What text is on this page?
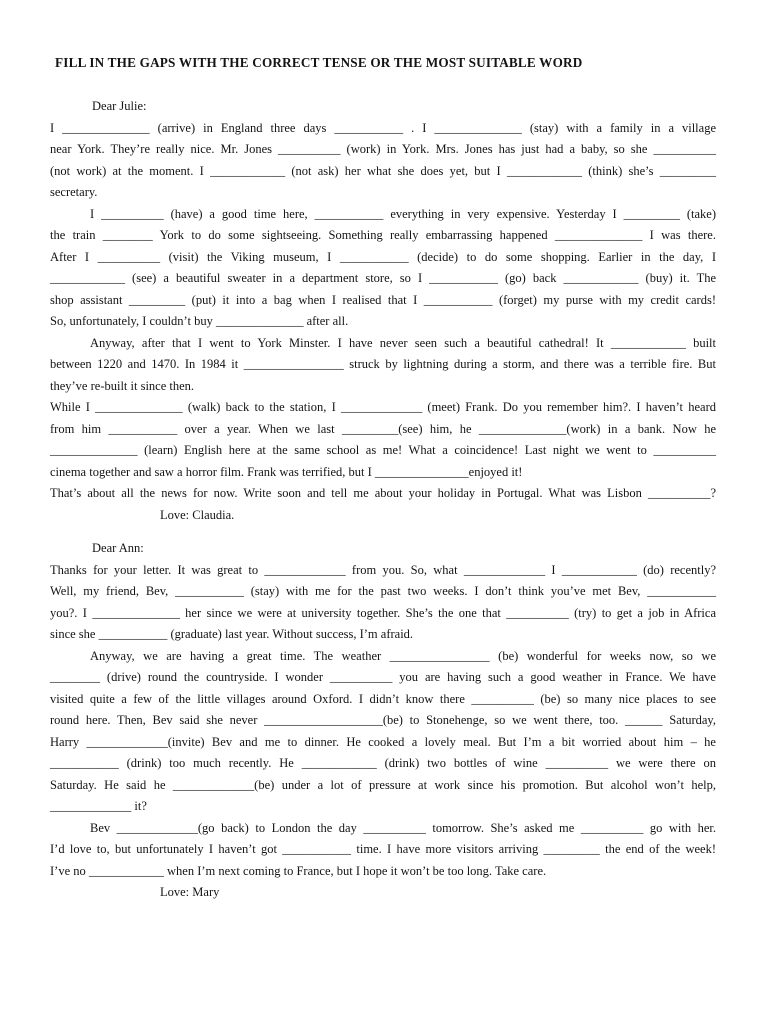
FILL IN THE GAPS WITH THE CORRECT TENSE OR THE MOST SUITABLE WORD
Dear Julie:
I ______________ (arrive) in England three days ___________ . I ______________ (stay) with a family in a village
near York. They’re really nice. Mr. Jones __________ (work) in York. Mrs. Jones has just had a baby, so she __________
(not work) at the moment. I ____________ (not ask) her what she does yet, but I ____________ (think) she’s _________
secretary.
I __________ (have) a good time here, ___________ everything in very expensive. Yesterday I _________ (take)
the train ________ York to do some sightseeing. Something really embarrassing happened ______________ I was there.
After I __________ (visit) the Viking museum, I ___________ (decide) to do some shopping. Earlier in the day, I
____________ (see) a beautiful sweater in a department store, so I ___________ (go) back ____________ (buy) it. The
shop assistant _________ (put) it into a bag when I realised that I ___________ (forget) my purse with my credit cards!
So, unfortunately, I couldn’t buy ______________ after all.
Anyway, after that I went to York Minster. I have never seen such a beautiful cathedral! It ____________ built
between 1220 and 1470. In 1984 it ________________ struck by lightning during a storm, and there was a terrible fire. But
they’ve re-built it since then.
While I ______________ (walk) back to the station, I _____________ (meet) Frank. Do you remember him?. I haven’t heard
from him ___________ over a year. When we last _________(see) him, he ______________(work) in a bank. Now he
______________ (learn) English here at the same school as me! What a coincidence! Last night we went to __________
cinema together and saw a horror film. Frank was terrified, but I _______________enjoyed it!
That’s about all the news for now. Write soon and tell me about your holiday in Portugal. What was Lisbon __________?
Love: Claudia.
Dear Ann:
Thanks for your letter. It was great to _____________ from you. So, what _____________ I ____________ (do) recently?
Well, my friend, Bev, ___________ (stay) with me for the past two weeks. I don’t think you’ve met Bev, ___________
you?. I ______________ her since we were at university together. She’s the one that __________ (try) to get a job in Africa
since she ___________ (graduate) last year. Without success, I’m afraid.
Anyway, we are having a great time. The weather ________________ (be) wonderful for weeks now, so we
________ (drive) round the countryside. I wonder __________ you are having such a good weather in France. We have
visited quite a few of the little villages around Oxford. I didn’t know there __________ (be) so many nice places to see
round here. Then, Bev said she never ___________________(be) to Stonehenge, so we went there, too. ______ Saturday,
Harry _____________(invite) Bev and me to dinner. He cooked a lovely meal. But I’m a bit worried about him – he
___________ (drink) too much recently. He ____________ (drink) two bottles of wine __________ we were there on
Saturday. He said he _____________(be) under a lot of pressure at work since his promotion. But alcohol won’t help,
_____________ it?
Bev _____________(go back) to London the day __________ tomorrow. She’s asked me __________ go with her.
I’d love to, but unfortunately I haven’t got ___________ time. I have more visitors arriving _________ the end of the week!
I’ve no ____________ when I’m next coming to France, but I hope it won’t be too long. Take care.
Love: Mary
